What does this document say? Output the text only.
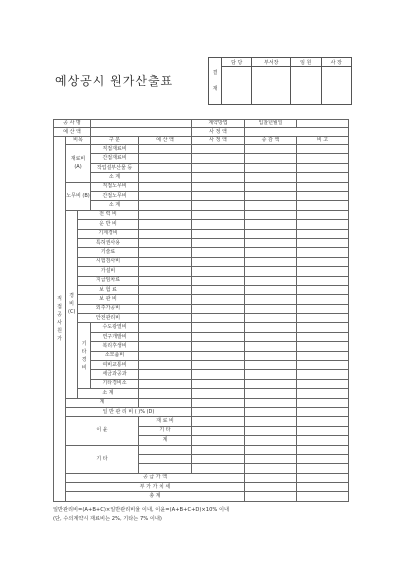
예상공시 원가산출표
결
재	담 당	부서장	임 원	사 장

공 사 명					계약방법	입찰년월일		
예 산 액					사 정 액			
직접공사원가	비목		구 분	예 산 액	사 정 액	증 감 액	비 고	
	재료비 (A)		직접재료비					
			간접재료비					
			작업설부산물 등					
			소 계					
	노무비 (B)		직접노무비					
			간접노무비					
			소 계					
	경비 (C)	전 력 비						
		운 반 비						
		기계경비						
		특허권사용						
		기술료						
		시험검사비						
		가설비						
		지급임차료						
		보 험 료						
		보 관 비						
		외주가공비						
		안전관리비						
		기타경비	수도광열비					
			연구개발비					
			복리후생비					
			소모품비					
			여비교통비					
			세금과공과					
			기타경비소					
		소 계						
	계							
	일 반 관 리 비 ( )% (D)							
	이 윤			재 료 비				
				기 타				
				계				
	기 타							

	공 급 가 액							
	부 가 가 치 세							
	총 계							
일반관리비=(A+B+C)×일반관리비율 이내, 이윤=(A+B+C+D)×10% 이내
(단, 수의계약시 재료비는 2%, 기타는 7% 이내)
